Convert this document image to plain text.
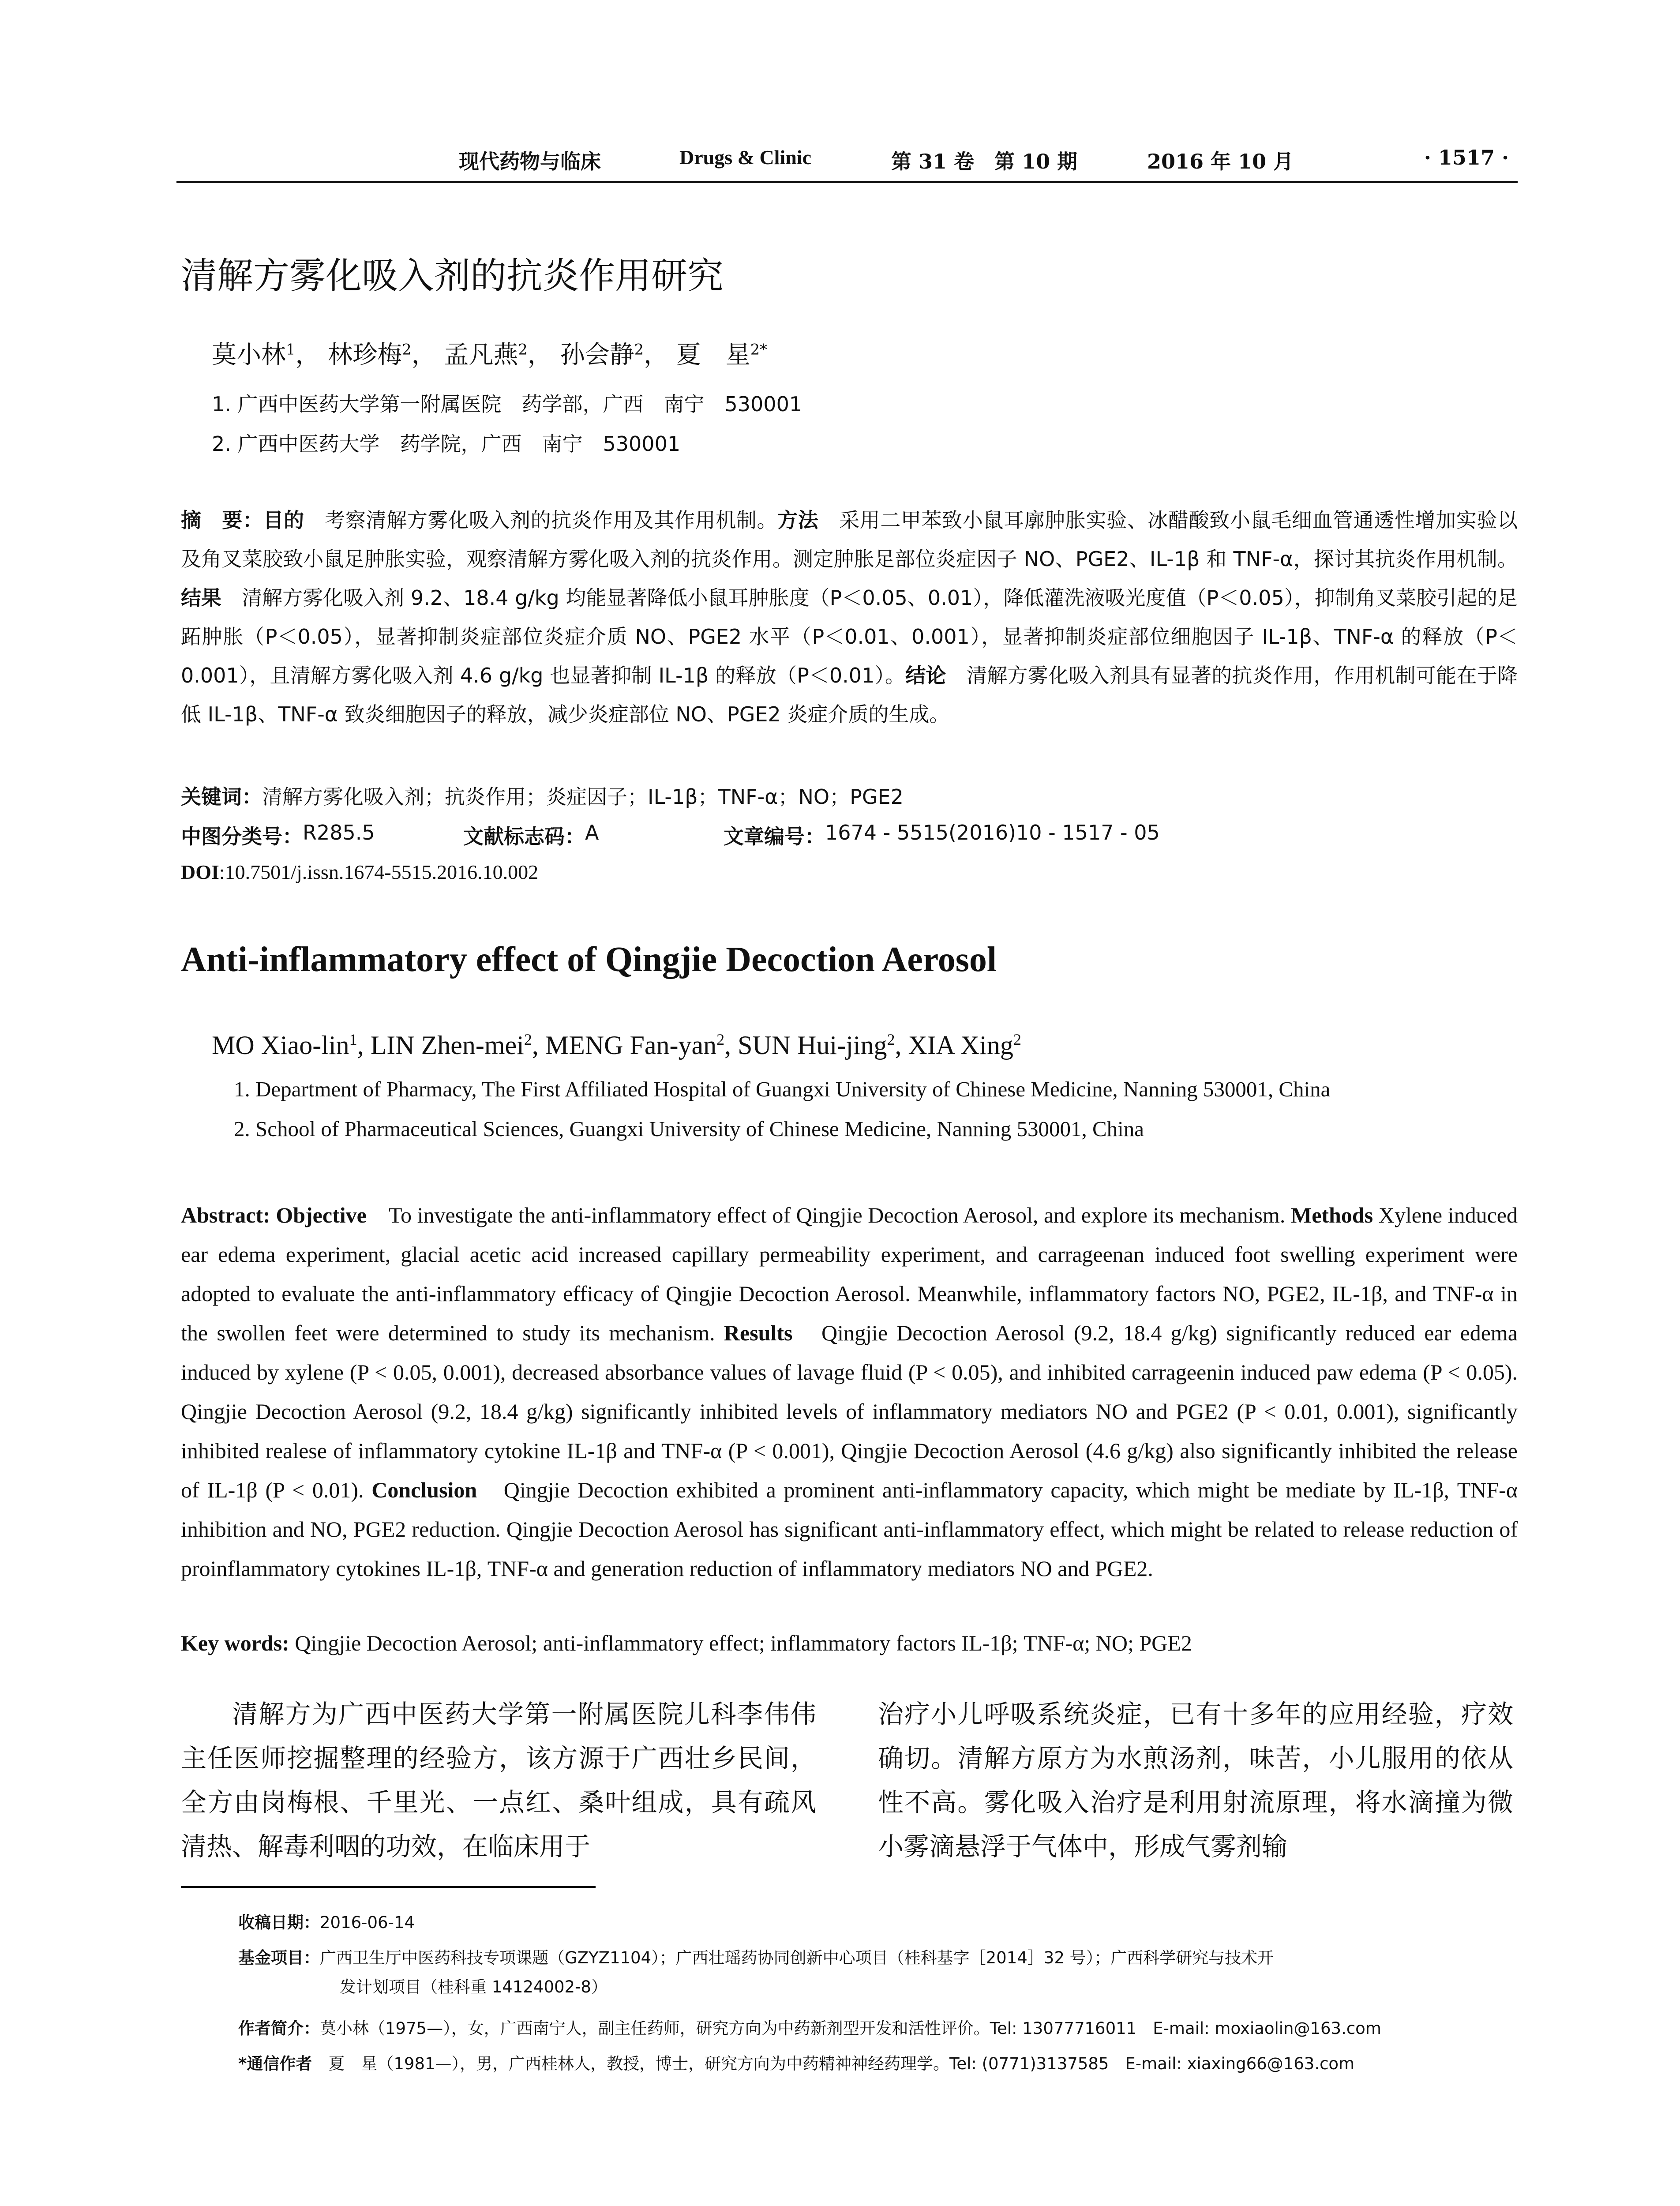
现代药物与临床	Drugs & Clinic	第 31 卷　第 10 期	2016 年 10 月	· 1517 ·
清解方雾化吸入剂的抗炎作用研究
莫小林$^1$， 林珍梅$^2$， 孟凡燕$^2$， 孙会静$^2$， 夏　星$^{2*}$
1. 广西中医药大学第一附属医院　药学部，广西　南宁　530001
2. 广西中医药大学　药学院，广西　南宁　530001
摘　要：目的　考察清解方雾化吸入剂的抗炎作用及其作用机制。方法　采用二甲苯致小鼠耳廓肿胀实验、冰醋酸致小鼠毛细血管通透性增加实验以及角叉菜胶致小鼠足肿胀实验，观察清解方雾化吸入剂的抗炎作用。测定肿胀足部位炎症因子 NO、PGE2、IL-1β 和 TNF-α，探讨其抗炎作用机制。结果　清解方雾化吸入剂 9.2、18.4 g/kg 均能显著降低小鼠耳肿胀度（P＜0.05、0.01），降低灌洗液吸光度值（P＜0.05），抑制角叉菜胶引起的足跖肿胀（P＜0.05），显著抑制炎症部位炎症介质 NO、PGE2 水平（P＜0.01、0.001），显著抑制炎症部位细胞因子 IL-1β、TNF-α 的释放（P＜0.001），且清解方雾化吸入剂 4.6 g/kg 也显著抑制 IL-1β 的释放（P＜0.01）。结论　清解方雾化吸入剂具有显著的抗炎作用，作用机制可能在于降低 IL-1β、TNF-α 致炎细胞因子的释放，减少炎症部位 NO、PGE2 炎症介质的生成。
关键词：清解方雾化吸入剂；抗炎作用；炎症因子；IL-1β；TNF-α；NO；PGE2
中图分类号： R285.5	文献标志码： A	文章编号： 1674 - 5515(2016)10 - 1517 - 05
DOI:10.7501/j.issn.1674-5515.2016.10.002
Anti-inflammatory effect of Qingjie Decoction Aerosol
MO Xiao-lin$^1$, LIN Zhen-mei$^2$, MENG Fan-yan$^2$, SUN Hui-jing$^2$, XIA Xing$^2$
1. Department of Pharmacy, The First Affiliated Hospital of Guangxi University of Chinese Medicine, Nanning 530001, China
2. School of Pharmaceutical Sciences, Guangxi University of Chinese Medicine, Nanning 530001, China
Abstract: Objective　To investigate the anti-inflammatory effect of Qingjie Decoction Aerosol, and explore its mechanism. Methods Xylene induced ear edema experiment, glacial acetic acid increased capillary permeability experiment, and carrageenan induced foot swelling experiment were adopted to evaluate the anti-inflammatory efficacy of Qingjie Decoction Aerosol. Meanwhile, inflammatory factors NO, PGE2, IL-1β, and TNF-α in the swollen feet were determined to study its mechanism. Results　Qingjie Decoction Aerosol (9.2, 18.4 g/kg) significantly reduced ear edema induced by xylene (P < 0.05, 0.001), decreased absorbance values of lavage fluid (P < 0.05), and inhibited carrageenin induced paw edema (P < 0.05). Qingjie Decoction Aerosol (9.2, 18.4 g/kg) significantly inhibited levels of inflammatory mediators NO and PGE2 (P < 0.01, 0.001), significantly inhibited realese of inflammatory cytokine IL-1β and TNF-α (P < 0.001), Qingjie Decoction Aerosol (4.6 g/kg) also significantly inhibited the release of IL-1β (P < 0.01). Conclusion　Qingjie Decoction exhibited a prominent anti-inflammatory capacity, which might be mediate by IL-1β, TNF-α inhibition and NO, PGE2 reduction. Qingjie Decoction Aerosol has significant anti-inflammatory effect, which might be related to release reduction of proinflammatory cytokines IL-1β, TNF-α and generation reduction of inflammatory mediators NO and PGE2.
Key words: Qingjie Decoction Aerosol; anti-inflammatory effect; inflammatory factors IL-1β; TNF-α; NO; PGE2
清解方为广西中医药大学第一附属医院儿科李伟伟主任医师挖掘整理的经验方，该方源于广西壮乡民间，全方由岗梅根、千里光、一点红、桑叶组成，具有疏风清热、解毒利咽的功效，在临床用于
治疗小儿呼吸系统炎症，已有十多年的应用经验，疗效确切。清解方原方为水煎汤剂，味苦，小儿服用的依从性不高。雾化吸入治疗是利用射流原理，将水滴撞为微小雾滴悬浮于气体中，形成气雾剂输
收稿日期：2016-06-14
基金项目：广西卫生厅中医药科技专项课题（GZYZ1104）；广西壮瑶药协同创新中心项目（桂科基字［2014］32 号）；广西科学研究与技术开
发计划项目（桂科重 14124002-8）
作者简介：莫小林（1975—），女，广西南宁人，副主任药师，研究方向为中药新剂型开发和活性评价。Tel: 13077716011　E-mail: moxiaolin@163.com
*通信作者　夏　星（1981—），男，广西桂林人，教授，博士，研究方向为中药精神神经药理学。Tel: (0771)3137585　E-mail: xiaxing66@163.com
